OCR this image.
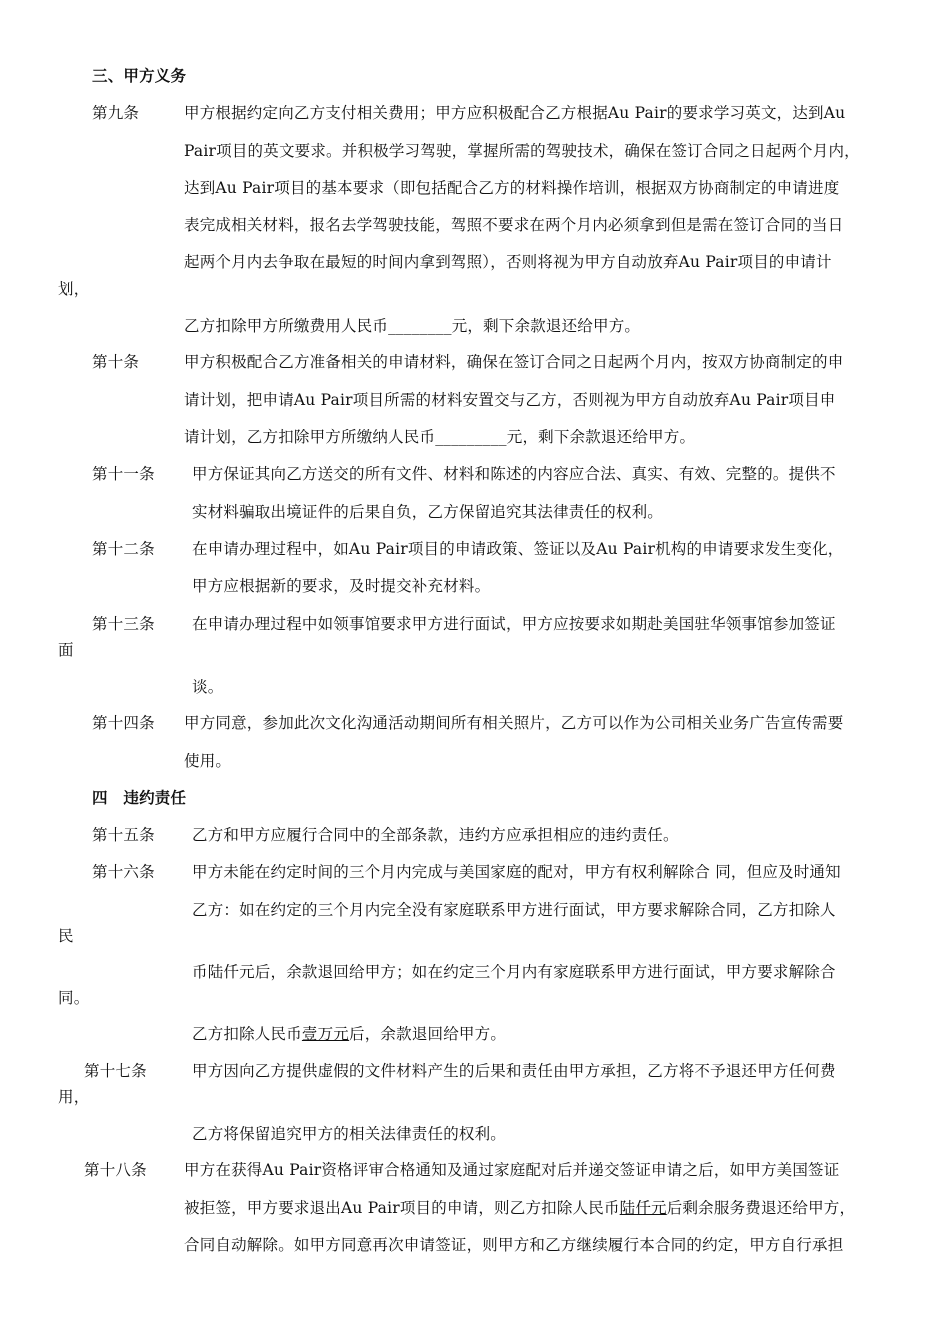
三、甲方义务
第九条	甲方根据约定向乙方支付相关费用；甲方应积极配合乙方根据Au Pair的要求学习英文，达到Au
Pair项目的英文要求。并积极学习驾驶，掌握所需的驾驶技术，确保在签订合同之日起两个月内，
达到Au Pair项目的基本要求（即包括配合乙方的材料操作培训，根据双方协商制定的申请进度
表完成相关材料，报名去学驾驶技能，驾照不要求在两个月内必须拿到但是需在签订合同的当日
起两个月内去争取在最短的时间内拿到驾照），否则将视为甲方自动放弃Au Pair项目的申请计
划，
乙方扣除甲方所缴费用人民币________元，剩下余款退还给甲方。
第十条	甲方积极配合乙方准备相关的申请材料，确保在签订合同之日起两个月内，按双方协商制定的申
请计划，把申请Au Pair项目所需的材料安置交与乙方，否则视为甲方自动放弃Au Pair项目申
请计划，乙方扣除甲方所缴纳人民币_________元，剩下余款退还给甲方。
第十一条 甲方保证其向乙方送交的所有文件、材料和陈述的内容应合法、真实、有效、完整的。提供不
实材料骗取出境证件的后果自负，乙方保留追究其法律责任的权利。
第十二条 在申请办理过程中，如Au Pair项目的申请政策、签证以及Au Pair机构的申请要求发生变化，
甲方应根据新的要求，及时提交补充材料。
第十三条 在申请办理过程中如领事馆要求甲方进行面试，甲方应按要求如期赴美国驻华领事馆参加签证
面
谈。
第十四条 甲方同意，参加此次文化沟通活动期间所有相关照片，乙方可以作为公司相关业务广告宣传需要
使用。
四　违约责任
第十五条 乙方和甲方应履行合同中的全部条款，违约方应承担相应的违约责任。
第十六条 甲方未能在约定时间的三个月内完成与美国家庭的配对，甲方有权利解除合 同，但应及时通知
乙方：如在约定的三个月内完全没有家庭联系甲方进行面试，甲方要求解除合同，乙方扣除人
民
币陆仟元后，余款退回给甲方；如在约定三个月内有家庭联系甲方进行面试，甲方要求解除合
同。
乙方扣除人民币壹万元后，余款退回给甲方。
第十七条	甲方因向乙方提供虚假的文件材料产生的后果和责任由甲方承担，乙方将不予退还甲方任何费
用，
乙方将保留追究甲方的相关法律责任的权利。
第十八条 甲方在获得Au Pair资格评审合格通知及通过家庭配对后并递交签证申请之后，如甲方美国签证
被拒签，甲方要求退出Au Pair项目的申请，则乙方扣除人民币陆仟元后剩余服务费退还给甲方，
合同自动解除。如甲方同意再次申请签证，则甲方和乙方继续履行本合同的约定，甲方自行承担
